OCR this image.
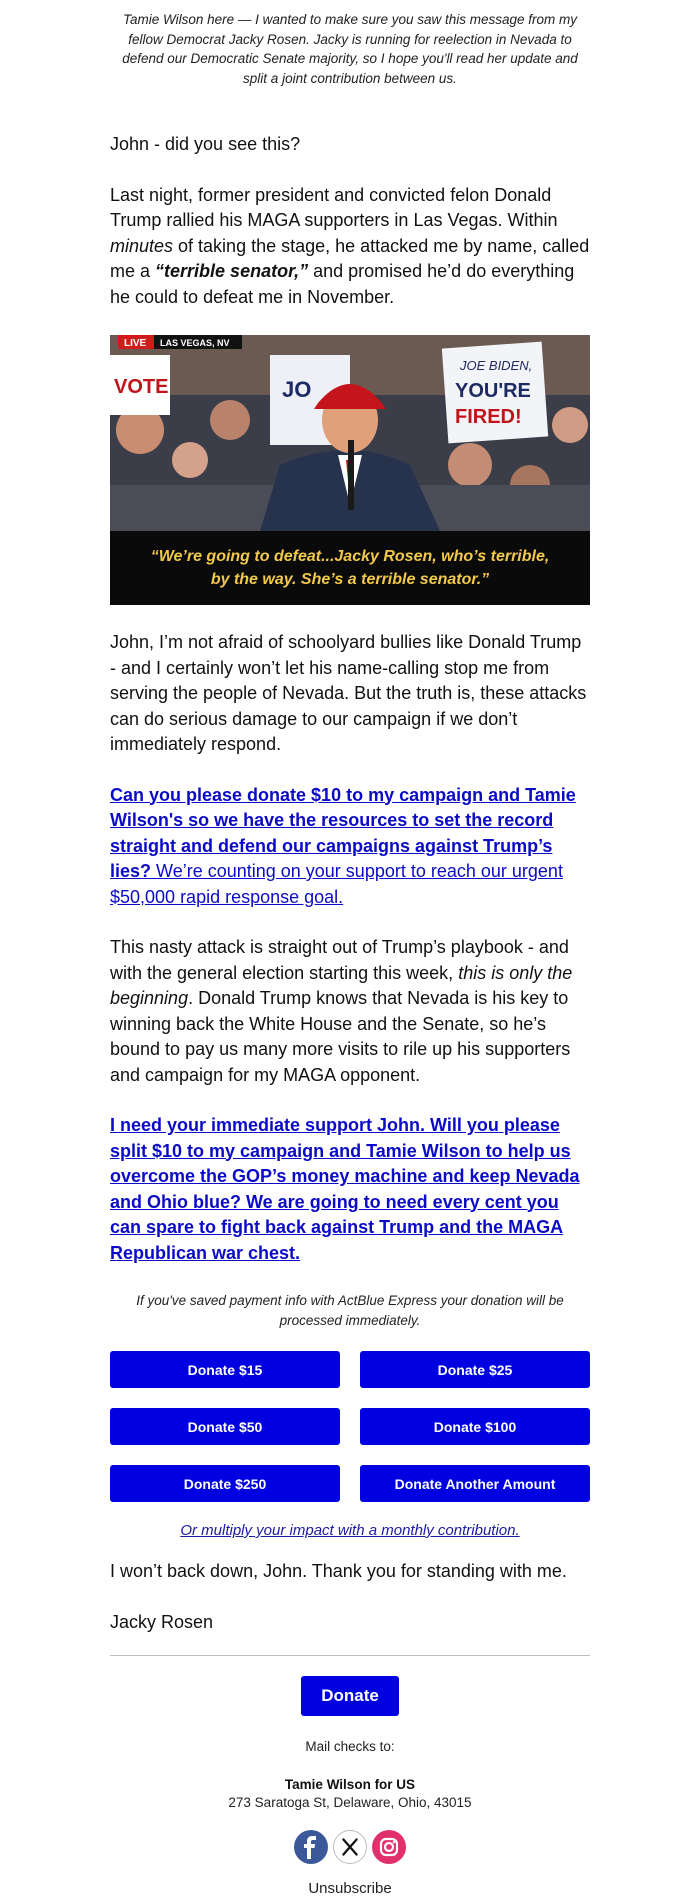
Tamie Wilson here — I wanted to make sure you saw this message from my fellow Democrat Jacky Rosen. Jacky is running for reelection in Nevada to defend our Democratic Senate majority, so I hope you'll read her update and split a joint contribution between us.
John - did you see this?
Last night, former president and convicted felon Donald Trump rallied his MAGA supporters in Las Vegas. Within minutes of taking the stage, he attacked me by name, called me a “terrible senator,” and promised he’d do everything he could to defeat me in November.
VOTE	JO
JOE BIDEN,
YOU'RE
FIRED!
LIVE LAS VEGAS, NV
“We’re going to defeat...Jacky Rosen, who’s terrible,
by the way. She’s a terrible senator.”
John, I’m not afraid of schoolyard bullies like Donald Trump - and I certainly won’t let his name-calling stop me from serving the people of Nevada. But the truth is, these attacks can do serious damage to our campaign if we don’t immediately respond.
Can you please donate $10 to my campaign and Tamie Wilson's so we have the resources to set the record straight and defend our campaigns against Trump’s lies? We’re counting on your support to reach our urgent $50,000 rapid response goal.
This nasty attack is straight out of Trump’s playbook - and with the general election starting this week, this is only the beginning. Donald Trump knows that Nevada is his key to winning back the White House and the Senate, so he’s bound to pay us many more visits to rile up his supporters and campaign for my MAGA opponent.
I need your immediate support John. Will you please split $10 to my campaign and Tamie Wilson to help us overcome the GOP’s money machine and keep Nevada and Ohio blue? We are going to need every cent you can spare to fight back against Trump and the MAGA Republican war chest.
If you've saved payment info with ActBlue Express your donation will be processed immediately.
Donate $15	Donate $25
Donate $50	Donate $100
Donate $250	Donate Another Amount
Or multiply your impact with a monthly contribution.
I won’t back down, John. Thank you for standing with me.
Jacky Rosen
Donate
Mail checks to:
Tamie Wilson for US
273 Saratoga St, Delaware, Ohio, 43015
Unsubscribe
